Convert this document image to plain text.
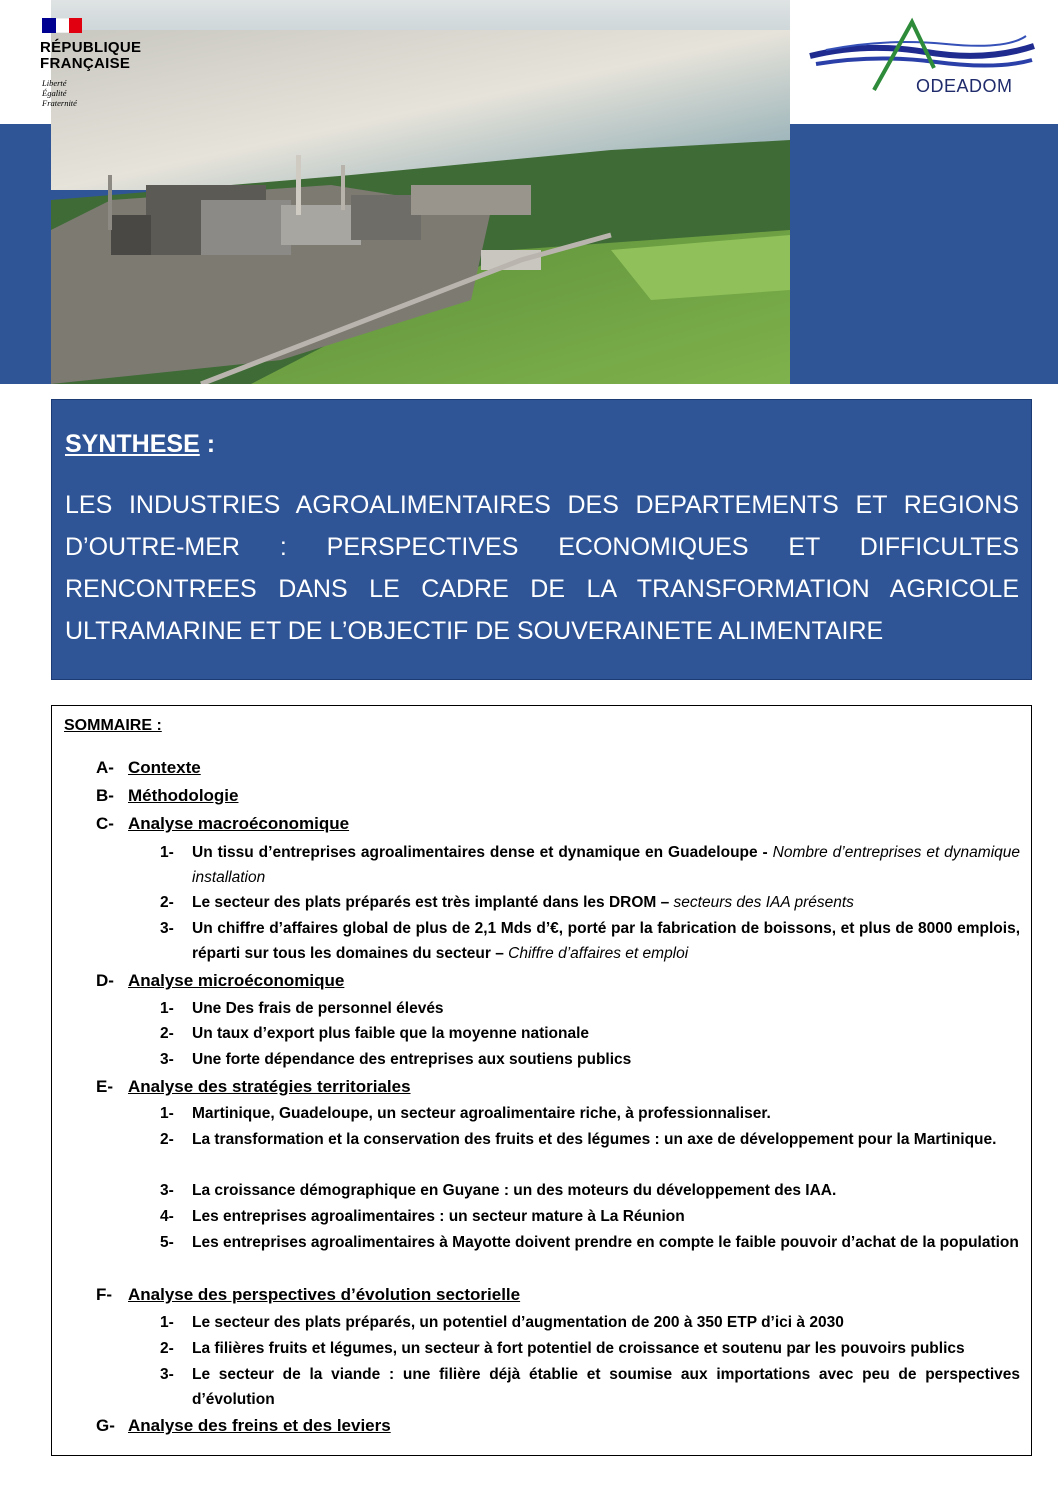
RÉPUBLIQUE
FRANÇAISE
Liberté
Égalité
Fraternité
ODEADOM
SYNTHESE :
LES INDUSTRIES AGROALIMENTAIRES DES DEPARTEMENTS ET REGIONS D’OUTRE-MER : PERSPECTIVES ECONOMIQUES ET DIFFICULTES RENCONTREES DANS LE CADRE DE LA TRANSFORMATION AGRICOLE ULTRAMARINE ET DE L’OBJECTIF DE SOUVERAINETE ALIMENTAIRE
SOMMAIRE :
A- Contexte
B- Méthodologie
C- Analyse macroéconomique
1- Un tissu d’entreprises agroalimentaires dense et dynamique en Guadeloupe - Nombre d’entreprises et dynamique installation
2- Le secteur des plats préparés est très implanté dans les DROM – secteurs des IAA présents
3- Un chiffre d’affaires global de plus de 2,1 Mds d’€, porté par la fabrication de boissons, et plus de 8000 emplois, réparti sur tous les domaines du secteur – Chiffre d’affaires et emploi
D- Analyse microéconomique
1- Une Des frais de personnel élevés
2- Un taux d’export plus faible que la moyenne nationale
3- Une forte dépendance des entreprises aux soutiens publics
E- Analyse des stratégies territoriales
1- Martinique, Guadeloupe, un secteur agroalimentaire riche, à professionnaliser.
2- La transformation et la conservation des fruits et des légumes : un axe de développement pour la Martinique.
3- La croissance démographique en Guyane : un des moteurs du développement des IAA.
4- Les entreprises agroalimentaires : un secteur mature à La Réunion
5- Les entreprises agroalimentaires à Mayotte doivent prendre en compte le faible pouvoir d’achat de la population
F- Analyse des perspectives d’évolution sectorielle
1- Le secteur des plats préparés, un potentiel d’augmentation de 200 à 350 ETP d’ici à 2030
2- La filières fruits et légumes, un secteur à fort potentiel de croissance et soutenu par les pouvoirs publics
3- Le secteur de la viande : une filière déjà établie et soumise aux importations avec peu de perspectives d’évolution
G- Analyse des freins et des leviers
